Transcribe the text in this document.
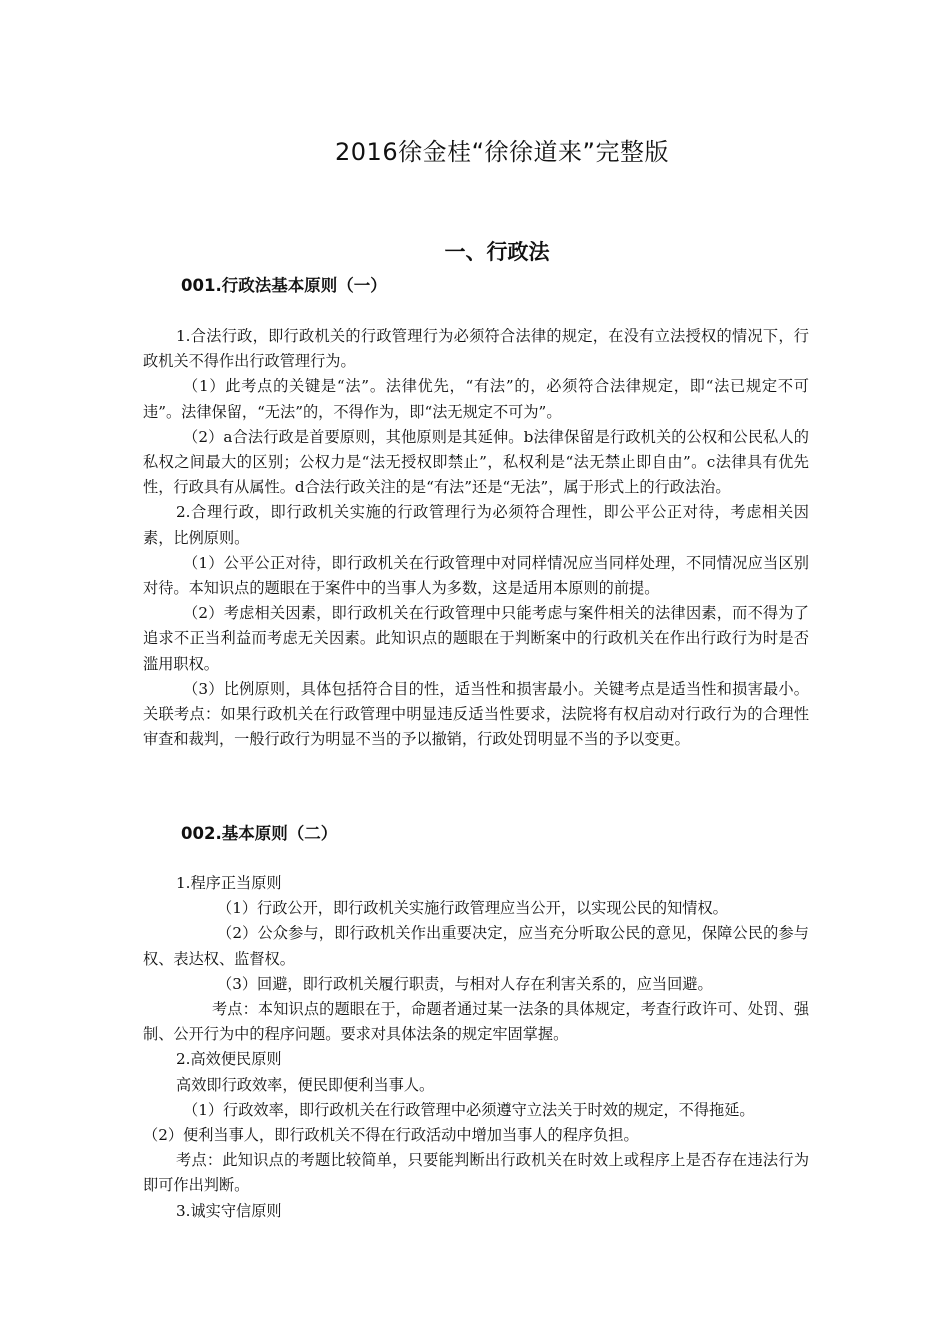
2016徐金桂“徐徐道来”完整版
一、行政法
001.行政法基本原则（一）

1.合法行政，即行政机关的行政管理行为必须符合法律的规定，在没有立法授权的情况下，行政机关不得作出行政管理行为。

（1）此考点的关键是“法”。法律优先，“有法”的，必须符合法律规定，即“法已规定不可违”。法律保留，“无法”的，不得作为，即“法无规定不可为”。

（2）a合法行政是首要原则，其他原则是其延伸。b法律保留是行政机关的公权和公民私人的私权之间最大的区别；公权力是“法无授权即禁止”，私权利是“法无禁止即自由”。c法律具有优先性，行政具有从属性。d合法行政关注的是“有法”还是“无法”，属于形式上的行政法治。

2.合理行政，即行政机关实施的行政管理行为必须符合理性，即公平公正对待，考虑相关因素，比例原则。

（1）公平公正对待，即行政机关在行政管理中对同样情况应当同样处理，不同情况应当区别对待。本知识点的题眼在于案件中的当事人为多数，这是适用本原则的前提。

（2）考虑相关因素，即行政机关在行政管理中只能考虑与案件相关的法律因素，而不得为了追求不正当利益而考虑无关因素。此知识点的题眼在于判断案中的行政机关在作出行政行为时是否滥用职权。

（3）比例原则，具体包括符合目的性，适当性和损害最小。关键考点是适当性和损害最小。关联考点：如果行政机关在行政管理中明显违反适当性要求，法院将有权启动对行政行为的合理性审查和裁判，一般行政行为明显不当的予以撤销，行政处罚明显不当的予以变更。

002.基本原则（二）

1.程序正当原则

（1）行政公开，即行政机关实施行政管理应当公开，以实现公民的知情权。

（2）公众参与，即行政机关作出重要决定，应当充分听取公民的意见，保障公民的参与权、表达权、监督权。

（3）回避，即行政机关履行职责，与相对人存在利害关系的，应当回避。

考点：本知识点的题眼在于，命题者通过某一法条的具体规定，考查行政许可、处罚、强制、公开行为中的程序问题。要求对具体法条的规定牢固掌握。

2.高效便民原则

高效即行政效率，便民即便利当事人。

（1）行政效率，即行政机关在行政管理中必须遵守立法关于时效的规定，不得拖延。

（2）便利当事人，即行政机关不得在行政活动中增加当事人的程序负担。

考点：此知识点的考题比较简单，只要能判断出行政机关在时效上或程序上是否存在违法行为即可作出判断。

3.诚实守信原则
